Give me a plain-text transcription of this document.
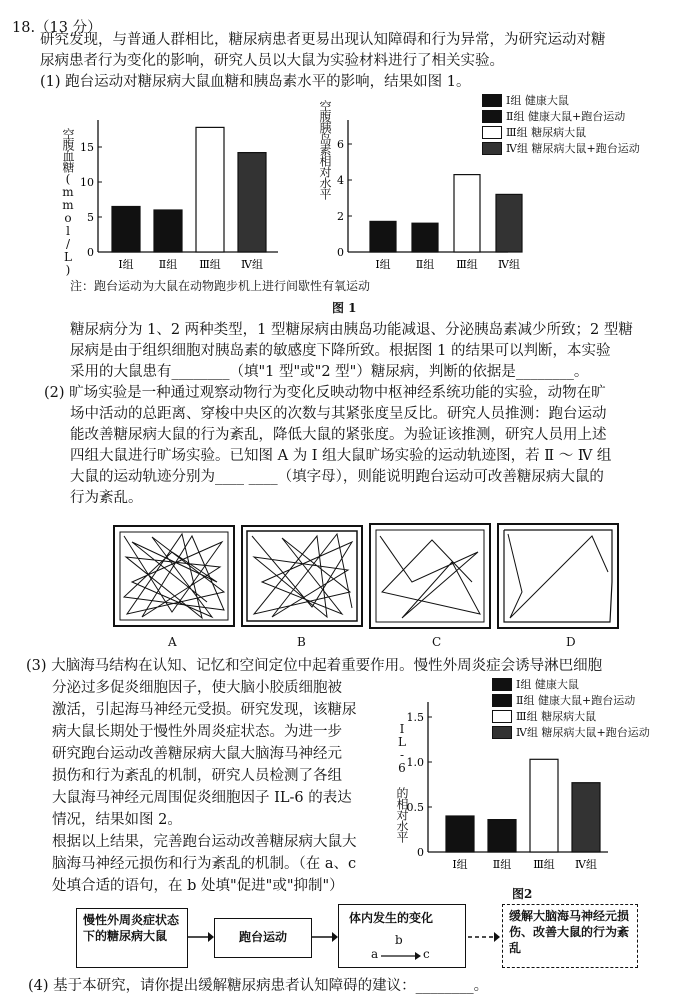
18.（13 分）
研究发现，与普通人群相比，糖尿病患者更易出现认知障碍和行为异常，为研究运动对糖
尿病患者行为变化的影响，研究人员以大鼠为实验材料进行了相关实验。
(1) 跑台运动对糖尿病大鼠血糖和胰岛素水平的影响，结果如图 1。
空腹血糖(mmol/L) 0
5
10
15
Ⅰ组 Ⅱ组 Ⅲ组 Ⅳ组
空腹胰岛素相对水平
0
2
4
6
Ⅰ组 Ⅱ组 Ⅲ组 Ⅳ组
Ⅰ组 健康大鼠
Ⅱ组 健康大鼠+跑台运动
Ⅲ组 糖尿病大鼠
Ⅳ组 糖尿病大鼠+跑台运动
注：跑台运动为大鼠在动物跑步机上进行间歇性有氧运动
图 1
糖尿病分为 1、2 两种类型，1 型糖尿病由胰岛功能减退、分泌胰岛素减少所致；2 型糖
尿病是由于组织细胞对胰岛素的敏感度下降所致。根据图 1 的结果可以判断，本实验
采用的大鼠患有________（填"1 型"或"2 型"）糖尿病，判断的依据是________。
(2) 旷场实验是一种通过观察动物行为变化反映动物中枢神经系统功能的实验，动物在旷
场中活动的总距离、穿梭中央区的次数与其紧张度呈反比。研究人员推测：跑台运动
能改善糖尿病大鼠的行为紊乱，降低大鼠的紧张度。为验证该推测，研究人员用上述
四组大鼠进行旷场实验。已知图 A 为 Ⅰ 组大鼠旷场实验的运动轨迹图，若 Ⅱ ～ Ⅳ 组
大鼠的运动轨迹分别为____ ____（填字母），则能说明跑台运动可改善糖尿病大鼠的
行为紊乱。
A	B	C	D
(3) 大脑海马结构在认知、记忆和空间定位中起着重要作用。慢性外周炎症会诱导淋巴细胞
分泌过多促炎细胞因子，使大脑小胶质细胞被
激活，引起海马神经元受损。研究发现，该糖尿
病大鼠长期处于慢性外周炎症状态。为进一步
研究跑台运动改善糖尿病大鼠大脑海马神经元
损伤和行为紊乱的机制，研究人员检测了各组
大鼠海马神经元周围促炎细胞因子 IL-6 的表达
情况，结果如图 2。
根据以上结果，完善跑台运动改善糖尿病大鼠大
脑海马神经元损伤和行为紊乱的机制。（在 a、c
处填合适的语句，在 b 处填"促进"或"抑制"）
IL-6 的相对水平
0
0.5
1.0
1.5
Ⅰ组 Ⅱ组 Ⅲ组 Ⅳ组
Ⅰ组 健康大鼠
Ⅱ组 健康大鼠+跑台运动
Ⅲ组 糖尿病大鼠
Ⅳ组 糖尿病大鼠+跑台运动
图2
慢性外周炎症状态下的糖尿病大鼠	跑台运动
体内发生的变化
a
b
c
缓解大脑海马神经元损伤、改善大鼠的行为紊乱
(4) 基于本研究，请你提出缓解糖尿病患者认知障碍的建议：________。
